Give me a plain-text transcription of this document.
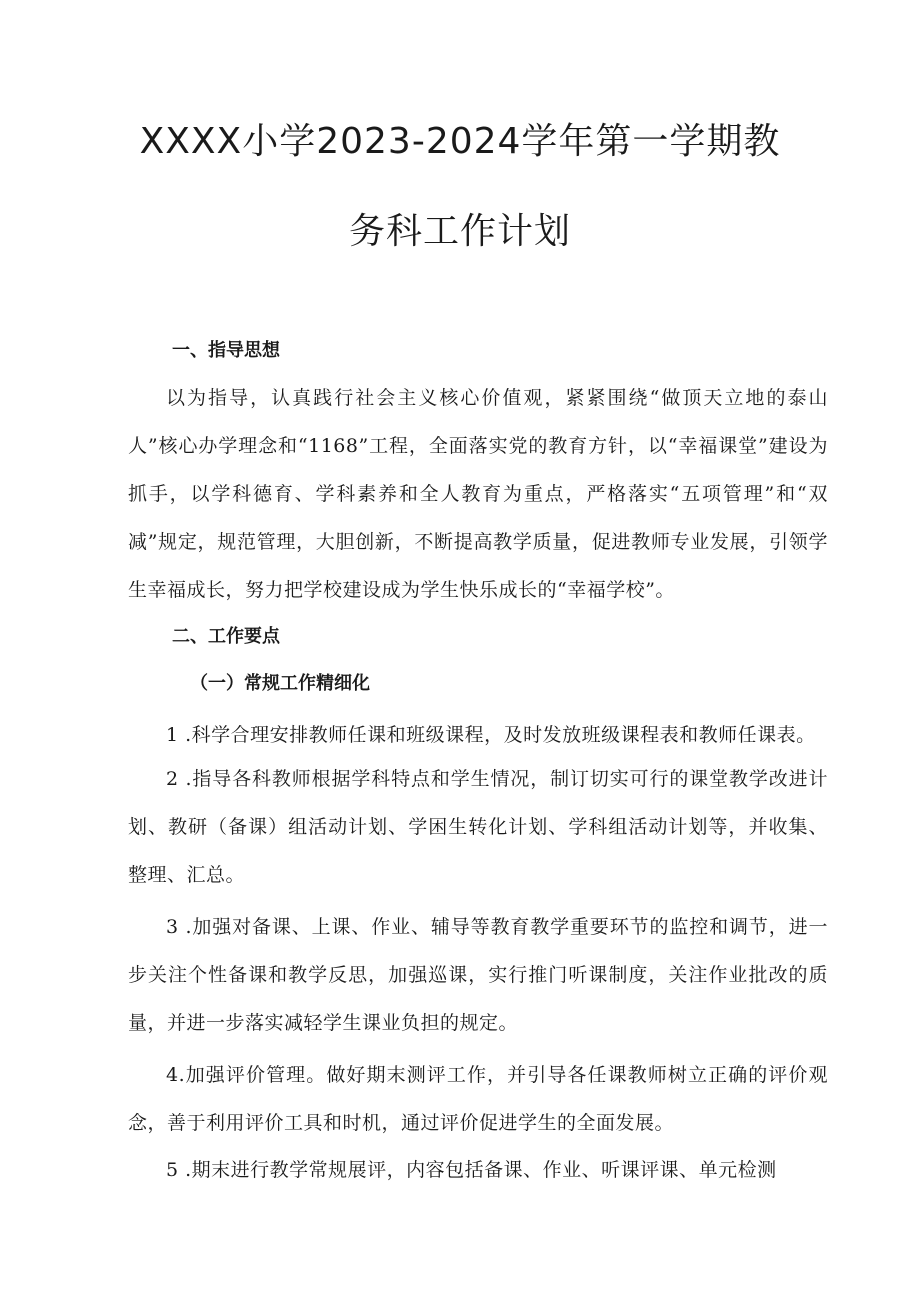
XXXX小学2023-2024学年第一学期教
务科工作计划
一、指导思想

以为指导，认真践行社会主义核心价值观，紧紧围绕“做顶天立地的泰山人”核心办学理念和“1168”工程，全面落实党的教育方针，以“幸福课堂”建设为抓手，以学科德育、学科素养和全人教育为重点，严格落实“五项管理”和“双减”规定，规范管理，大胆创新，不断提高教学质量，促进教师专业发展，引领学生幸福成长，努力把学校建设成为学生快乐成长的“幸福学校”。

二、工作要点
（一）常规工作精细化

1 .科学合理安排教师任课和班级课程，及时发放班级课程表和教师任课表。

2 .指导各科教师根据学科特点和学生情况，制订切实可行的课堂教学改进计划、教研（备课）组活动计划、学困生转化计划、学科组活动计划等，并收集、整理、汇总。

3 .加强对备课、上课、作业、辅导等教育教学重要环节的监控和调节，进一步关注个性备课和教学反思，加强巡课，实行推门听课制度，关注作业批改的质量，并进一步落实减轻学生课业负担的规定。

4.加强评价管理。做好期末测评工作，并引导各任课教师树立正确的评价观念，善于利用评价工具和时机，通过评价促进学生的全面发展。

5 .期末进行教学常规展评，内容包括备课、作业、听课评课、单元检测
